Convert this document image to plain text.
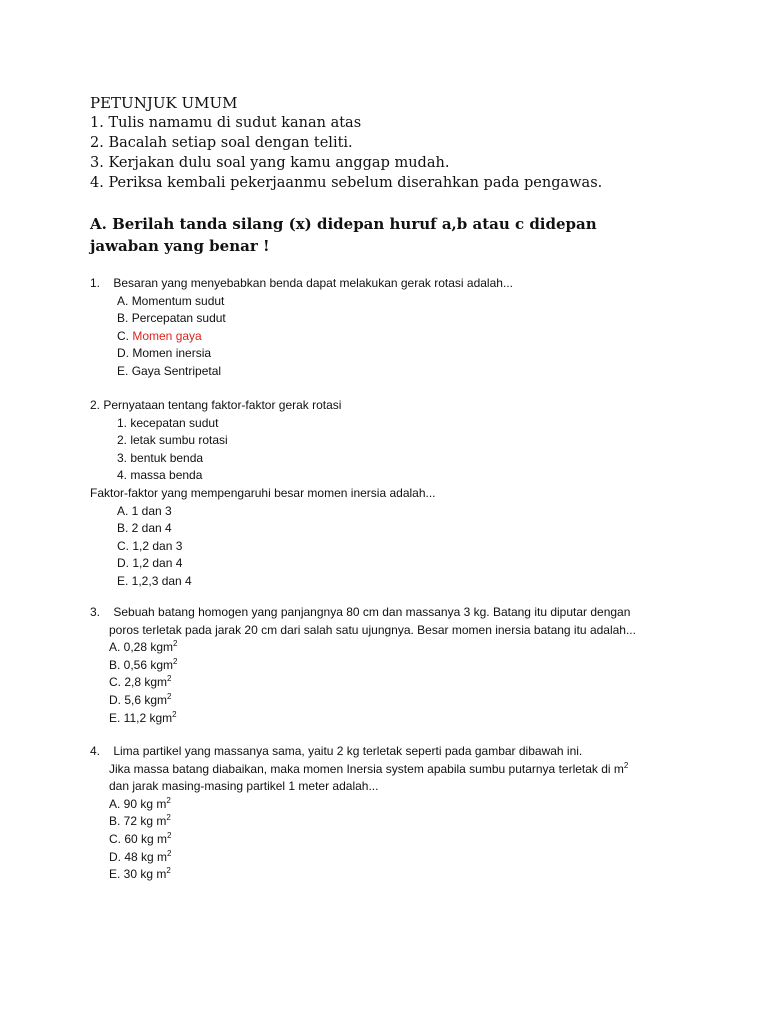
PETUNJUK UMUM
1. Tulis namamu di sudut kanan atas
2. Bacalah setiap soal dengan teliti.
3. Kerjakan dulu soal yang kamu anggap mudah.
4. Periksa kembali pekerjaanmu sebelum diserahkan pada pengawas.
A. Berilah tanda silang (x) didepan huruf a,b atau c didepan jawaban yang benar !
1. Besaran yang menyebabkan benda dapat melakukan gerak rotasi adalah...
A. Momentum sudut
B. Percepatan sudut
C. Momen gaya
D. Momen inersia
E. Gaya Sentripetal
2. Pernyataan tentang faktor-faktor gerak rotasi
1. kecepatan sudut
2. letak sumbu rotasi
3. bentuk benda
4. massa benda
Faktor-faktor yang mempengaruhi besar momen inersia adalah...
A. 1 dan 3
B. 2 dan 4
C. 1,2 dan 3
D. 1,2 dan 4
E. 1,2,3 dan 4
3. Sebuah batang homogen yang panjangnya 80 cm dan massanya 3 kg. Batang itu diputar dengan
poros terletak pada jarak 20 cm dari salah satu ujungnya. Besar momen inersia batang itu adalah...
A. 0,28 kgm$^2$
B. 0,56 kgm$^2$
C. 2,8 kgm$^2$
D. 5,6 kgm$^2$
E. 11,2 kgm$^2$
4. Lima partikel yang massanya sama, yaitu 2 kg terletak seperti pada gambar dibawah ini.
Jika massa batang diabaikan, maka momen Inersia system apabila sumbu putarnya terletak di $m^2$
dan jarak masing-masing partikel 1 meter adalah...
A. 90 kg $m^2$
B. 72 kg $m^2$
C. 60 kg $m^2$
D. 48 kg $m^2$
E. 30 kg $m^2$
